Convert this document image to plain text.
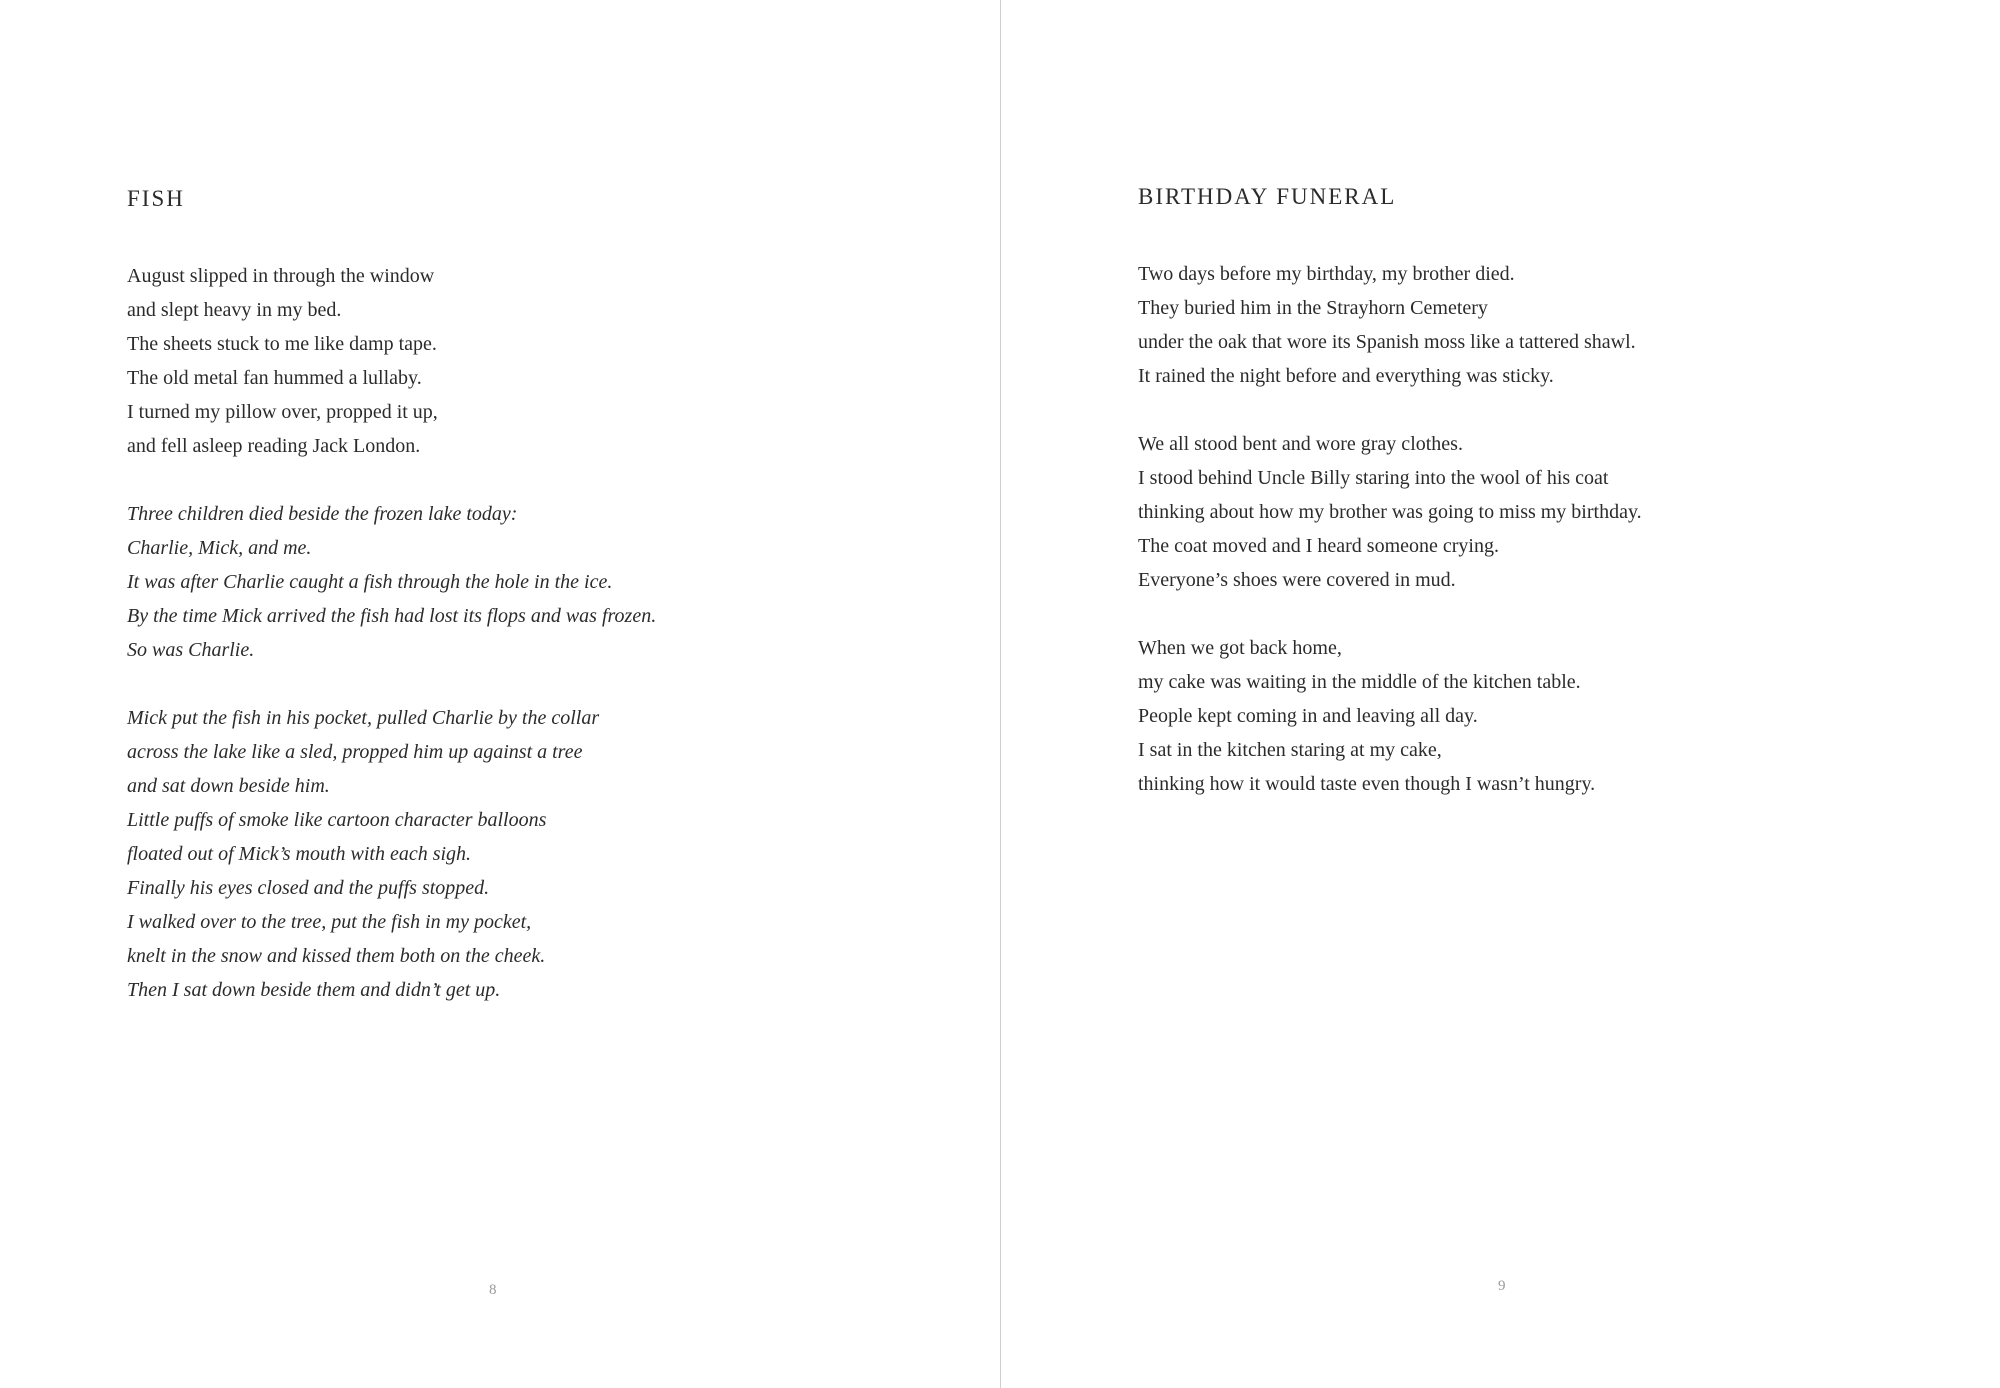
FISH
August slipped in through the window
and slept heavy in my bed.
The sheets stuck to me like damp tape.
The old metal fan hummed a lullaby.
I turned my pillow over, propped it up,
and fell asleep reading Jack London.
Three children died beside the frozen lake today:
Charlie, Mick, and me.
It was after Charlie caught a fish through the hole in the ice.
By the time Mick arrived the fish had lost its flops and was frozen.
So was Charlie.
Mick put the fish in his pocket, pulled Charlie by the collar
across the lake like a sled, propped him up against a tree
and sat down beside him.
Little puffs of smoke like cartoon character balloons
floated out of Mick’s mouth with each sigh.
Finally his eyes closed and the puffs stopped.
I walked over to the tree, put the fish in my pocket,
knelt in the snow and kissed them both on the cheek.
Then I sat down beside them and didn’t get up.
8
BIRTHDAY FUNERAL
Two days before my birthday, my brother died.
They buried him in the Strayhorn Cemetery
under the oak that wore its Spanish moss like a tattered shawl.
It rained the night before and everything was sticky.
We all stood bent and wore gray clothes.
I stood behind Uncle Billy staring into the wool of his coat
thinking about how my brother was going to miss my birthday.
The coat moved and I heard someone crying.
Everyone’s shoes were covered in mud.
When we got back home,
my cake was waiting in the middle of the kitchen table.
People kept coming in and leaving all day.
I sat in the kitchen staring at my cake,
thinking how it would taste even though I wasn’t hungry.
9
